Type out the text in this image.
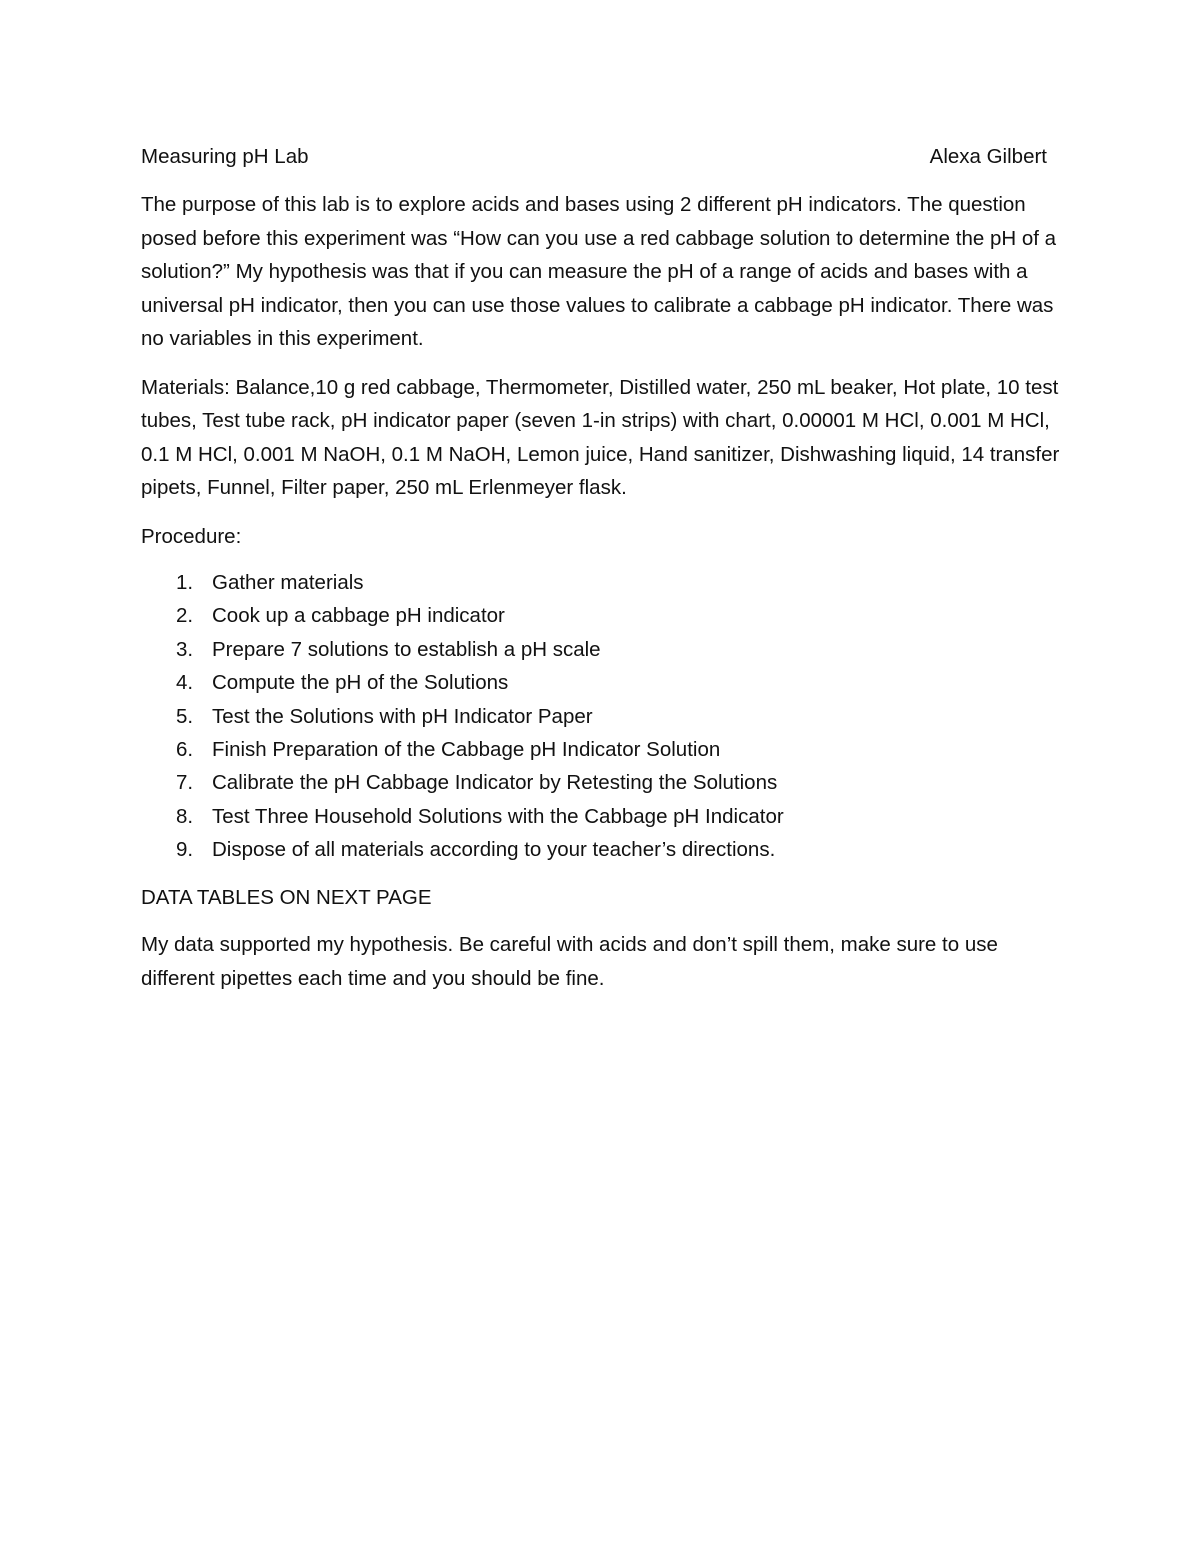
Measuring pH Lab	Alexa Gilbert

The purpose of this lab is to explore acids and bases using 2 different pH indicators. The question posed before this experiment was “How can you use a red cabbage solution to determine the pH of a solution?” My hypothesis was that if you can measure the pH of a range of acids and bases with a universal pH indicator, then you can use those values to calibrate a cabbage pH indicator. There was no variables in this experiment.

Materials: Balance,10 g red cabbage, Thermometer, Distilled water, 250 mL beaker, Hot plate, 10 test tubes, Test tube rack, pH indicator paper (seven 1-in strips) with chart, 0.00001 M HCl, 0.001 M HCl, 0.1 M HCl, 0.001 M NaOH, 0.1 M NaOH, Lemon juice, Hand sanitizer, Dishwashing liquid, 14 transfer pipets, Funnel, Filter paper, 250 mL Erlenmeyer flask.

Procedure:

1. Gather materials
2. Cook up a cabbage pH indicator
3. Prepare 7 solutions to establish a pH scale
4. Compute the pH of the Solutions
5. Test the Solutions with pH Indicator Paper
6. Finish Preparation of the Cabbage pH Indicator Solution
7. Calibrate the pH Cabbage Indicator by Retesting the Solutions
8. Test Three Household Solutions with the Cabbage pH Indicator
9. Dispose of all materials according to your teacher’s directions.

DATA TABLES ON NEXT PAGE

My data supported my hypothesis. Be careful with acids and don’t spill them, make sure to use different pipettes each time and you should be fine.
